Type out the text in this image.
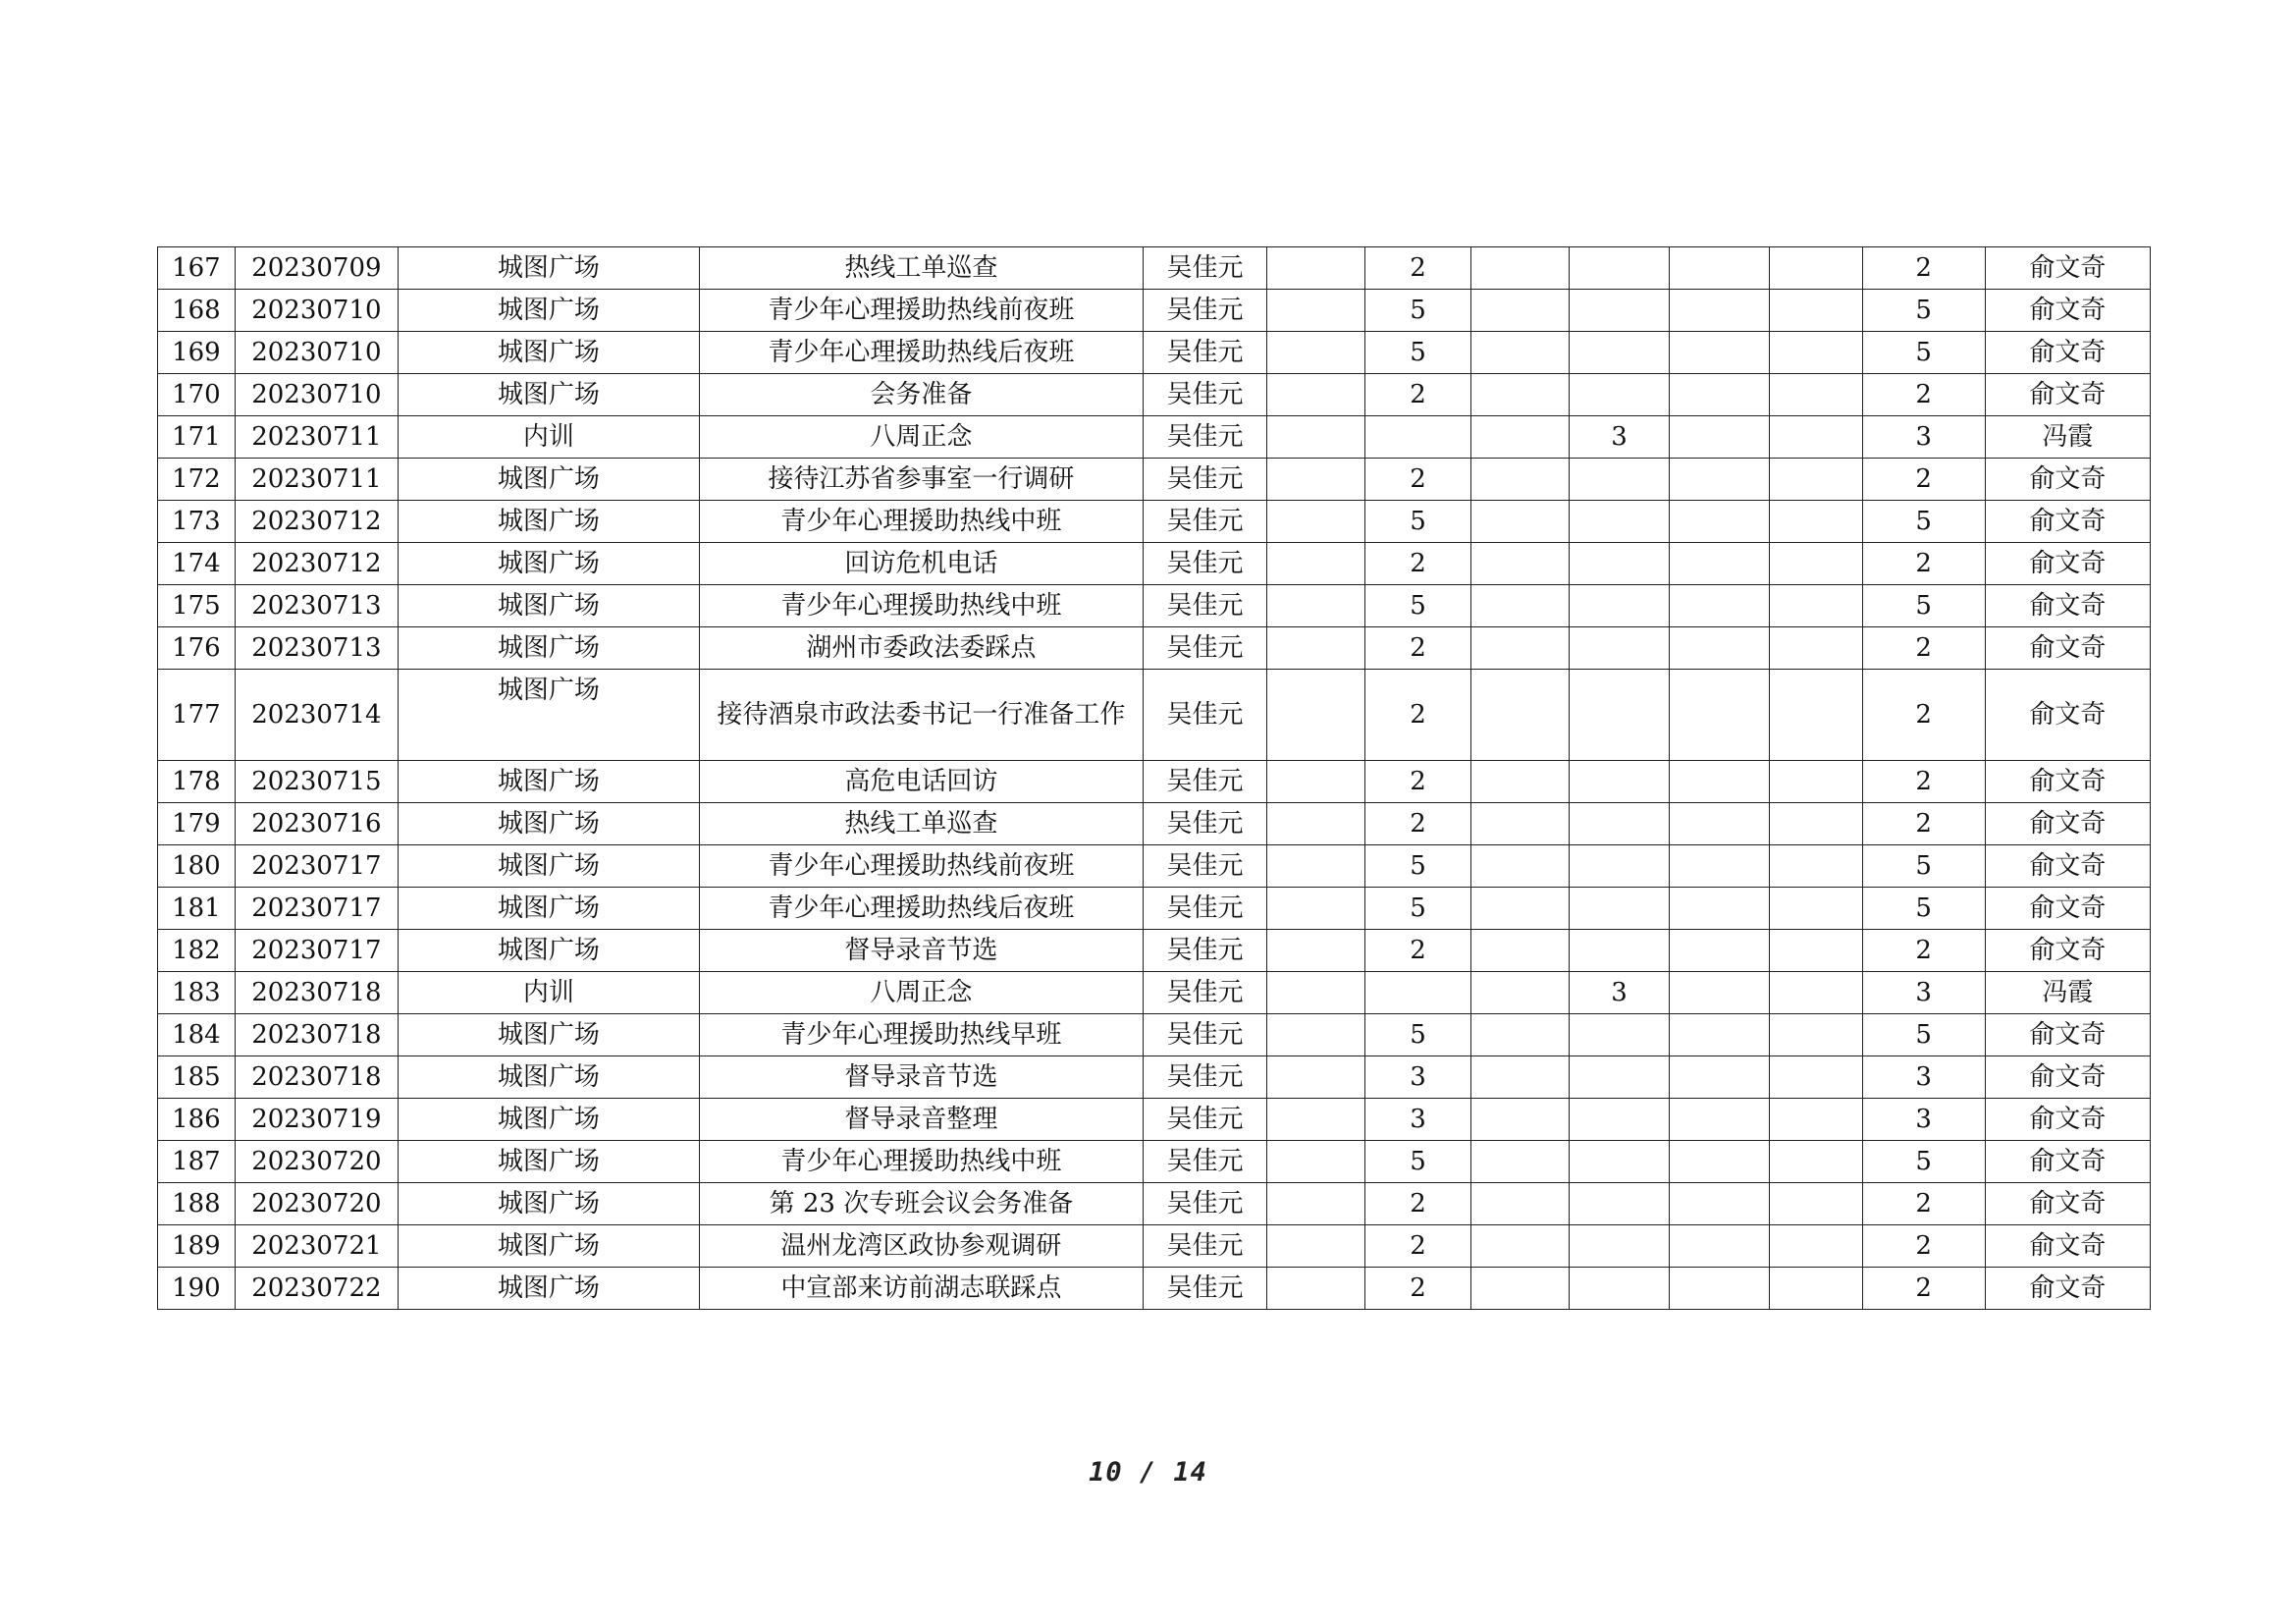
167	20230709	城图广场	热线工单巡查	吴佳元		2					2	俞文奇
168	20230710	城图广场	青少年心理援助热线前夜班	吴佳元		5					5	俞文奇
169	20230710	城图广场	青少年心理援助热线后夜班	吴佳元		5					5	俞文奇
170	20230710	城图广场	会务准备	吴佳元		2					2	俞文奇
171	20230711	内训	八周正念	吴佳元				3			3	冯霞
172	20230711	城图广场	接待江苏省参事室一行调研	吴佳元		2					2	俞文奇
173	20230712	城图广场	青少年心理援助热线中班	吴佳元		5					5	俞文奇
174	20230712	城图广场	回访危机电话	吴佳元		2					2	俞文奇
175	20230713	城图广场	青少年心理援助热线中班	吴佳元		5					5	俞文奇
176	20230713	城图广场	湖州市委政法委踩点	吴佳元		2					2	俞文奇
177	20230714	城图广场	接待酒泉市政法委书记一行准备工作	吴佳元		2					2	俞文奇
178	20230715	城图广场	高危电话回访	吴佳元		2					2	俞文奇
179	20230716	城图广场	热线工单巡查	吴佳元		2					2	俞文奇
180	20230717	城图广场	青少年心理援助热线前夜班	吴佳元		5					5	俞文奇
181	20230717	城图广场	青少年心理援助热线后夜班	吴佳元		5					5	俞文奇
182	20230717	城图广场	督导录音节选	吴佳元		2					2	俞文奇
183	20230718	内训	八周正念	吴佳元				3			3	冯霞
184	20230718	城图广场	青少年心理援助热线早班	吴佳元		5					5	俞文奇
185	20230718	城图广场	督导录音节选	吴佳元		3					3	俞文奇
186	20230719	城图广场	督导录音整理	吴佳元		3					3	俞文奇
187	20230720	城图广场	青少年心理援助热线中班	吴佳元		5					5	俞文奇
188	20230720	城图广场	第 23 次专班会议会务准备	吴佳元		2					2	俞文奇
189	20230721	城图广场	温州龙湾区政协参观调研	吴佳元		2					2	俞文奇
190	20230722	城图广场	中宣部来访前湖志联踩点	吴佳元		2					2	俞文奇
10 / 14
